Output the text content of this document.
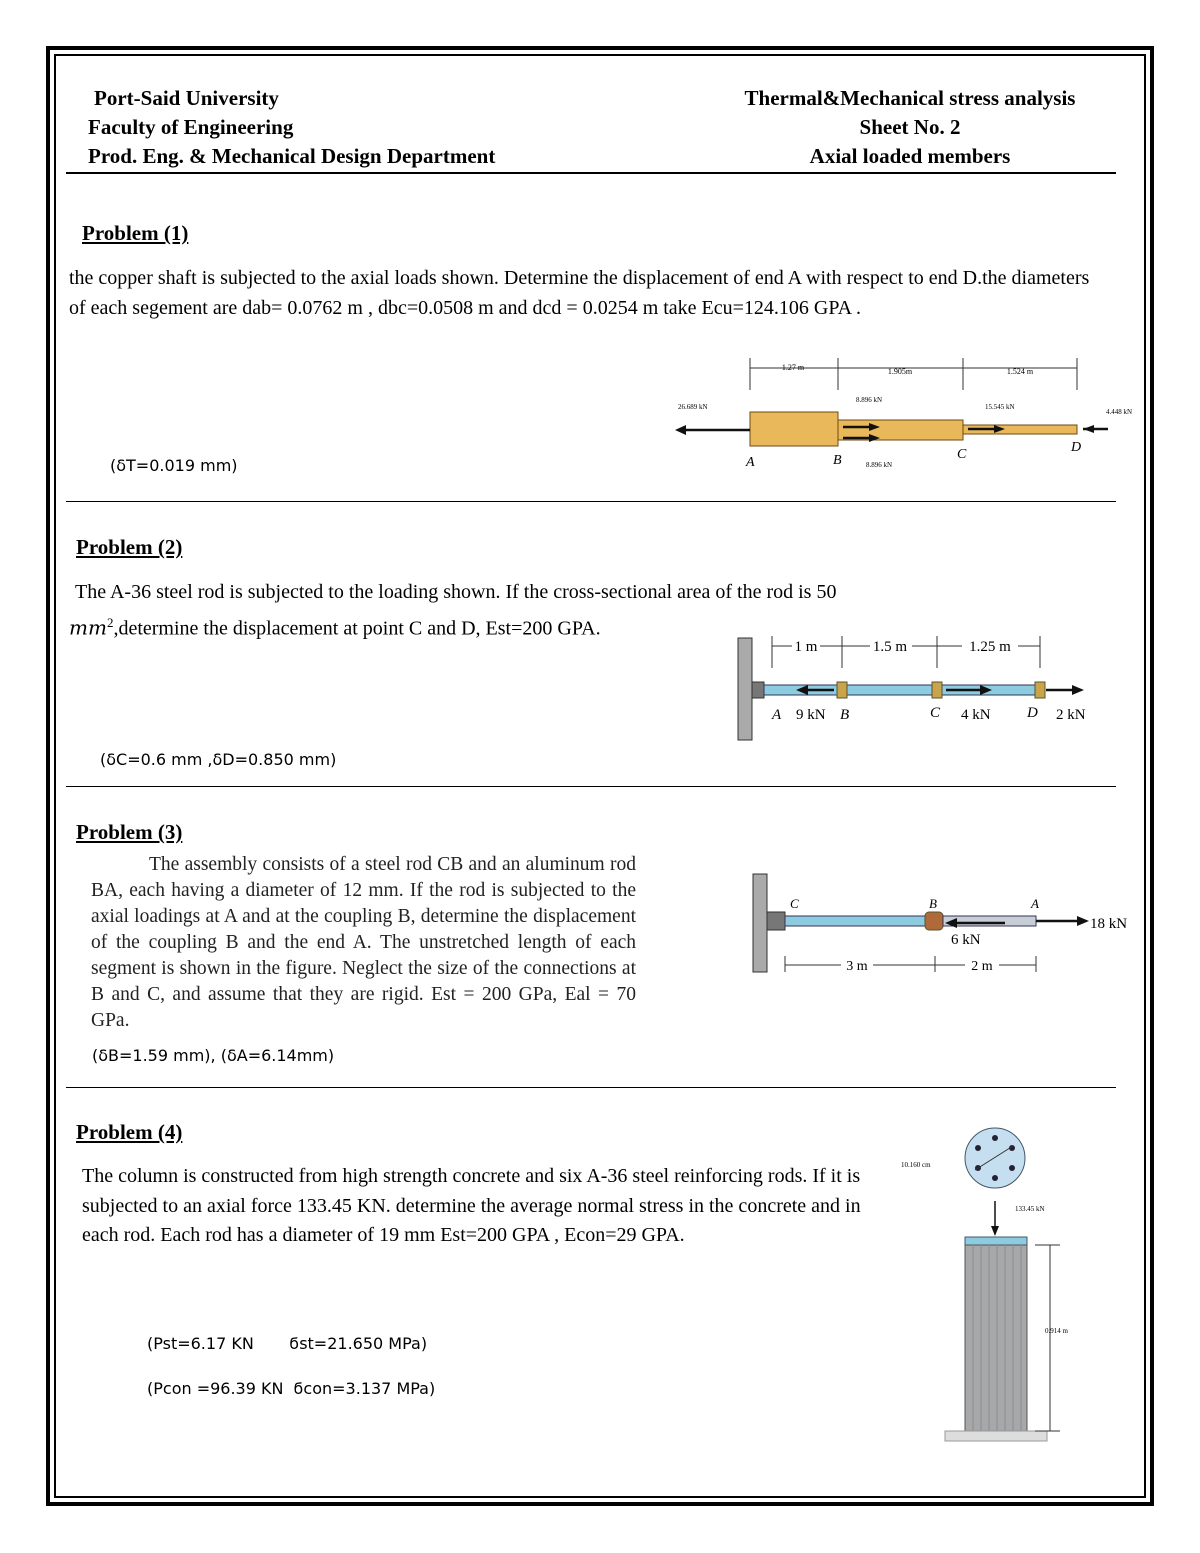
Port-Said University
Faculty of Engineering
Prod. Eng. & Mechanical Design Department
Thermal&Mechanical stress analysis
Sheet No. 2
Axial loaded members
Problem (1)
the copper shaft is subjected to the axial loads shown. Determine the displacement of end A with respect to end D.the diameters of each segement are dab= 0.0762 m , dbc=0.0508 m and dcd = 0.0254 m take Ecu=124.106 GPA .
(δT=0.019 mm)
1.27 m	1.905m	1.524 m
26.689 kN
8.896 kN
8.896 kN
15.545 kN
4.448 kN
A	B	C	D
Problem (2)
The A-36 steel rod is subjected to the loading shown. If the cross-sectional area of the rod is 50 $mm^2,determine$ the displacement at point C and D, Est=200 GPA.
(δC=0.6 mm ,δD=0.850 mm)
1 m	1.5 m	1.25 m
A 9 kN B	C 4 kN D 2 kN
Problem (3)
The assembly consists of a steel rod CB and an aluminum rod BA, each having a diameter of 12 mm. If the rod is subjected to the axial loadings at A and at the coupling B, determine the displacement of the coupling B and the end A. The unstretched length of each segment is shown in the figure. Neglect the size of the connections at B and C, and assume that they are rigid. Est = 200 GPa, Eal = 70 GPa.
(δB=1.59 mm), (δA=6.14mm)
C	B	A
18 kN
6 kN
3 m	2 m
Problem (4)
The column is constructed from high strength concrete and six A-36 steel reinforcing rods. If it is subjected to an axial force 133.45 KN. determine the average normal stress in the concrete and in each rod. Each rod has a diameter of 19 mm Est=200 GPA , Econ=29 GPA.
(Pst=6.17 KN       ϭst=21.650 MPa)
(Pcon =96.39 KN  ϭcon=3.137 MPa)
10.160 cm
133.45 kN
0.914 m
